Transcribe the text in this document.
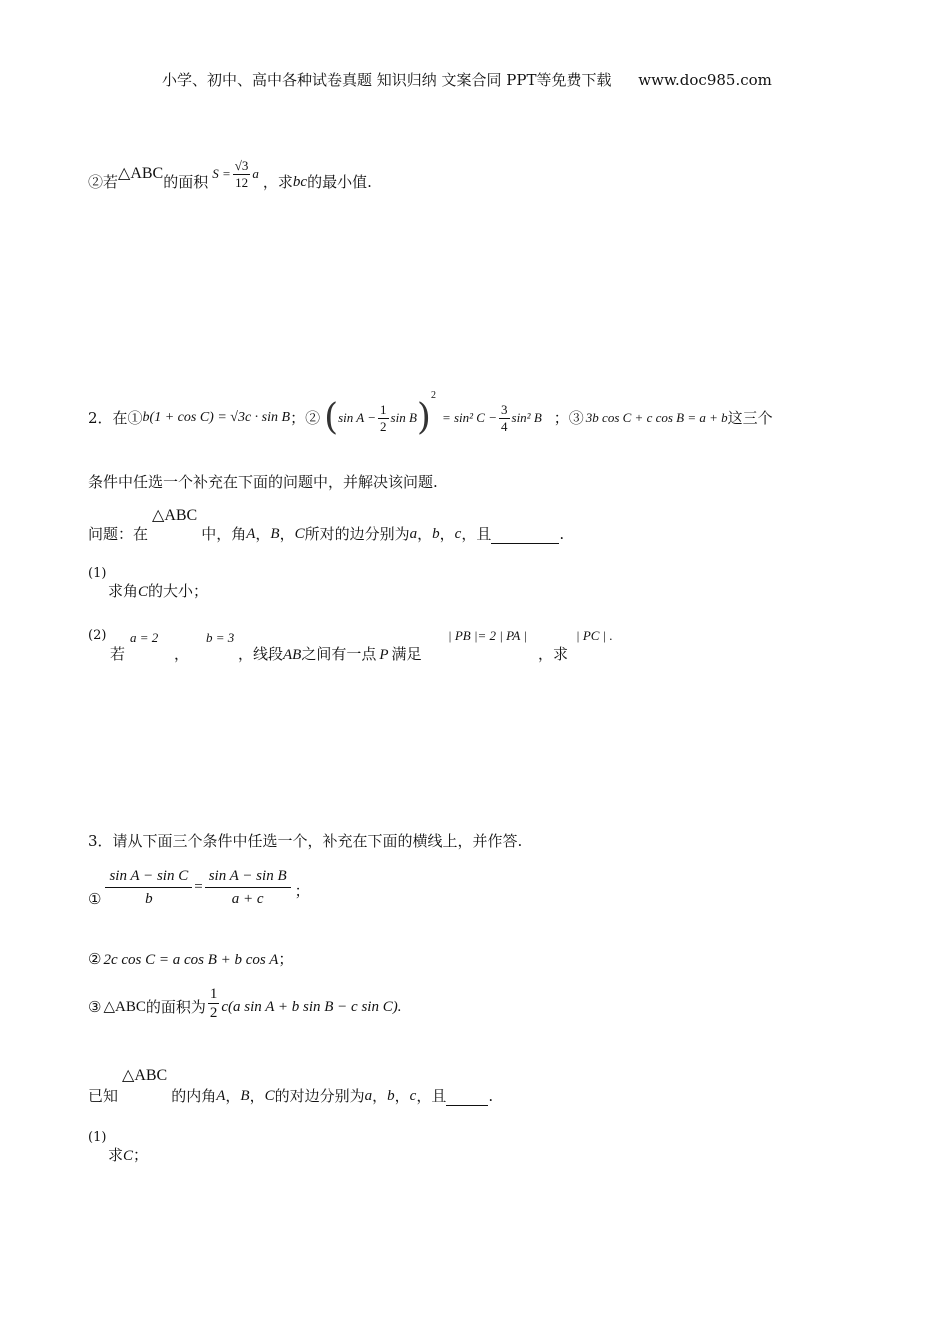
小学、初中、高中各种试卷真题 知识归纳 文案合同 PPT等免费下载 www.doc985.com
②若 △ABC 的面积 $S = \frac{√3}{12}$ a ，求 bc 的最小值.
2．在① b(1 + cos C) = √3c · sin B ；② ( $\sin A - \frac{1}{2}$ sin B )
2
= sin² $C - \frac{3}{4} \sin^2$ B ；③ 3b cos C + c cos B = a + b 这三个
条件中任选一个补充在下面的问题中，并解决该问题.
问题：在
△ABC
中，角 A ， B ， C 所对的边分别为 a ， b ， c ，且	.
(1)
求角C的大小；
(2)
若
a = 2
，
b = 3
，线段AB之间有一点 P 满足
| PB |= 2 | PA |
，求
| PC | .
3．请从下面三个条件中任选一个，补充在下面的横线上，并作答.
① $\frac{\text{sin A − sin C}}{b} = \frac{\text{sin A − sin B}}{a + c}$ ；
② 2c cos C = a cos B + b cos A；
③ △ABC 的面积为 $\frac{1}{2} c(a$ sin A + b sin B − c sin C).
已知
△ABC
的内角 A ， B ， C 的对边分别为 a ， b ， c ，且	.
(1)
求C；
